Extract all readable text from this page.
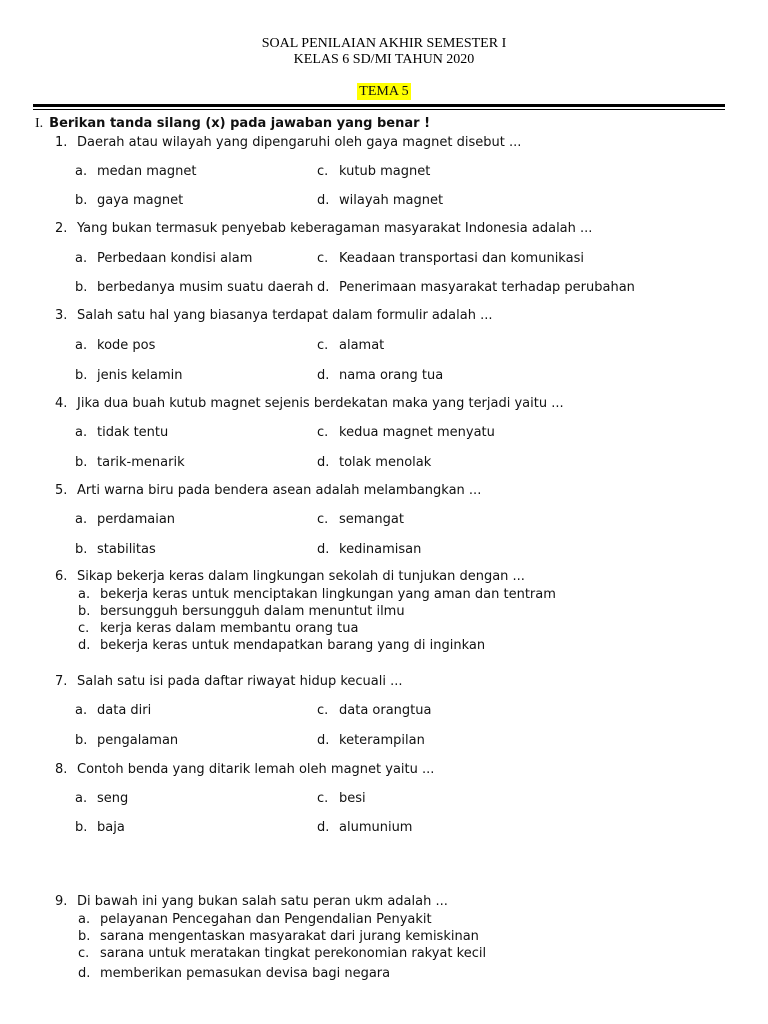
SOAL PENILAIAN AKHIR SEMESTER I
KELAS 6 SD/MI TAHUN 2020
TEMA 5
I. Berikan tanda silang (x) pada jawaban yang benar !
1. Daerah atau wilayah yang dipengaruhi oleh gaya magnet disebut ...
a. medan magnet	c. kutub magnet
b. gaya magnet	d. wilayah magnet
2. Yang bukan termasuk penyebab keberagaman masyarakat Indonesia adalah ...
a. Perbedaan kondisi alam	c. Keadaan transportasi dan komunikasi
b. berbedanya musim suatu daerah d. Penerimaan masyarakat terhadap perubahan
3. Salah satu hal yang biasanya terdapat dalam formulir adalah ...
a. kode pos	c. alamat
b. jenis kelamin	d. nama orang tua
4. Jika dua buah kutub magnet sejenis berdekatan maka yang terjadi yaitu ...
a. tidak tentu	c. kedua magnet menyatu
b. tarik-menarik	d. tolak menolak
5. Arti warna biru pada bendera asean adalah melambangkan ...
a. perdamaian	c. semangat
b. stabilitas	d. kedinamisan
6. Sikap bekerja keras dalam lingkungan sekolah di tunjukan dengan ...
a. bekerja keras untuk menciptakan lingkungan yang aman dan tentram
b. bersungguh bersungguh dalam menuntut ilmu
c. kerja keras dalam membantu orang tua
d. bekerja keras untuk mendapatkan barang yang di inginkan
7. Salah satu isi pada daftar riwayat hidup kecuali ...
a. data diri	c. data orangtua
b. pengalaman	d. keterampilan
8. Contoh benda yang ditarik lemah oleh magnet yaitu ...
a. seng	c. besi
b. baja	d. alumunium
9. Di bawah ini yang bukan salah satu peran ukm adalah ...
a. pelayanan Pencegahan dan Pengendalian Penyakit
b. sarana mengentaskan masyarakat dari jurang kemiskinan
c. sarana untuk meratakan tingkat perekonomian rakyat kecil
d. memberikan pemasukan devisa bagi negara
